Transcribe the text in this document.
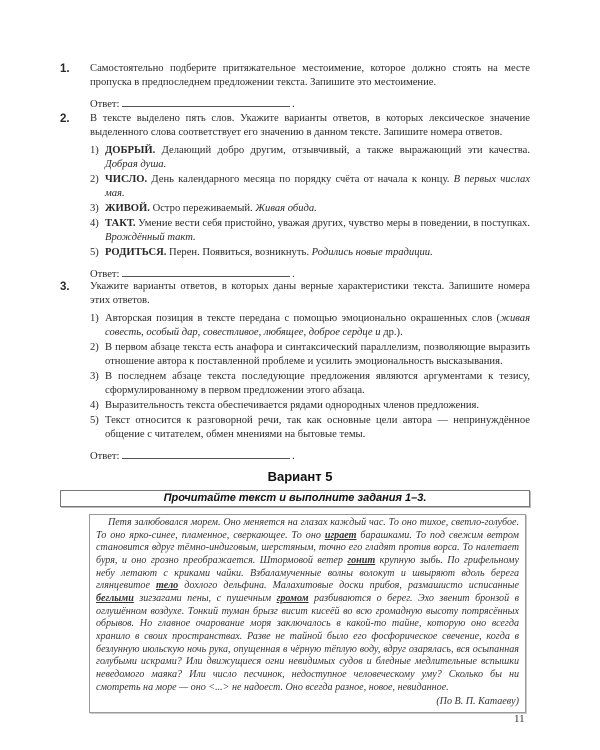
1. Самостоятельно подберите притяжательное местоимение, которое должно стоять на месте пропуска в предпоследнем предложении текста. Запишите это местоимение.
Ответ:	.
2. В тексте выделено пять слов. Укажите варианты ответов, в которых лексическое значение выделенного слова соответствует его значению в данном тексте. Запишите номера ответов.
1) ДОБРЫЙ. Делающий добро другим, отзывчивый, а также выражающий эти качества. Добрая душа.
2) ЧИСЛО. День календарного месяца по порядку счёта от начала к концу. В первых числах мая.
3) ЖИВОЙ. Остро переживаемый. Живая обида.
4) ТАКТ. Умение вести себя пристойно, уважая других, чувство меры в поведении, в поступках. Врождённый такт.
5) РОДИТЬСЯ. Перен. Появиться, возникнуть. Родились новые традиции.
Ответ:	.
3. Укажите варианты ответов, в которых даны верные характеристики текста. Запишите номера этих ответов.
1) Авторская позиция в тексте передана с помощью эмоционально окрашенных слов (живая совесть, особый дар, совестливое, любящее, доброе сердце и др.).
2) В первом абзаце текста есть анафора и синтаксический параллелизм, позволяющие выразить отношение автора к поставленной проблеме и усилить эмоциональность высказывания.
3) В последнем абзаце текста последующие предложения являются аргументами к тезису, сформулированному в первом предложении этого абзаца.
4) Выразительность текста обеспечивается рядами однородных членов предложения.
5) Текст относится к разговорной речи, так как основные цели автора — непринуждённое общение с читателем, обмен мнениями на бытовые темы.
Ответ:	.
Вариант 5
Прочитайте текст и выполните задания 1–3.

Петя залюбовался морем. Оно меняется на глазах каждый час. То оно тихое, светло-голубое. То оно ярко-синее, пламенное, сверкающее. То оно играет барашками. То под свежим ветром становится вдруг тёмно-индиговым, шерстяным, точно его гладят против ворса. То налетает буря, и оно грозно преображается. Штормовой ветер гонит крупную зыбь. По грифельному небу летают с криками чайки. Взбаламученные волны волокут и швыряют вдоль берега глянцевитое тело дохлого дельфина. Малахитовые доски прибоя, размашисто исписанные беглыми зигзагами пены, с пушечным громом разбиваются о берег. Эхо звенит бронзой в оглушённом воздухе. Тонкий туман брызг висит кисеёй во всю громадную высоту потрясённых обрывов. Но главное очарование моря заключалось в какой-то тайне, которую оно всегда хранило в своих пространствах. Разве не тайной было его фосфорическое свечение, когда в безлунную июльскую ночь рука, опущенная в чёрную тёплую воду, вдруг озарялась, вся осыпанная голубыми искрами? Или движущиеся огни невидимых судов и бледные медлительные вспышки неведомого маяка? Или число песчинок, недоступное человеческому уму? Сколько бы ни смотреть на море — оно <...> не надоест. Оно всегда разное, новое, невиданное.

(По В. П. Катаеву)
11
